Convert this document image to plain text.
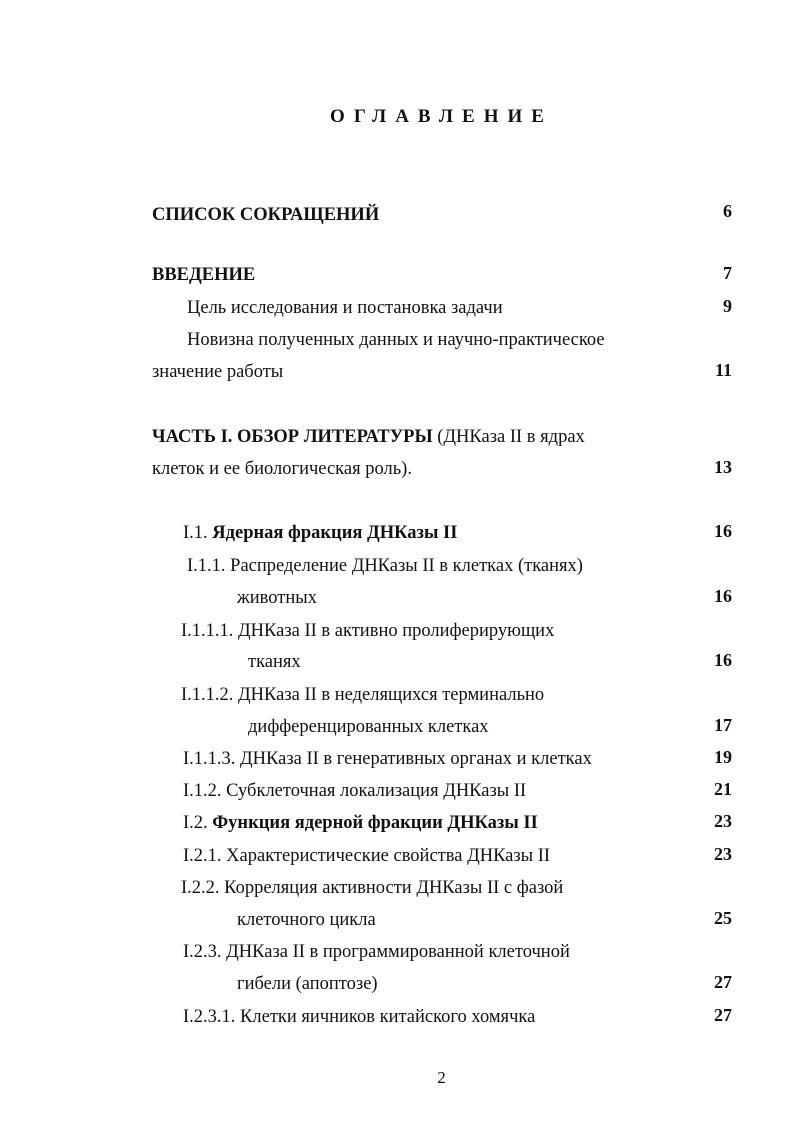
ОГЛАВЛЕНИЕ
СПИСОК СОКРАЩЕНИЙ	6
ВВЕДЕНИЕ	7
Цель исследования и постановка задачи	9
Новизна полученных данных и научно-практическое
значение работы	11
ЧАСТЬ I. ОБЗОР ЛИТЕРАТУРЫ (ДНКаза II в ядрах
клеток и ее биологическая роль).	13
I.1. Ядерная фракция ДНКазы II	16
I.1.1. Распределение ДНКазы II в клетках (тканях)
животных	16
I.1.1.1. ДНКаза II в активно пролиферирующих
тканях	16
I.1.1.2. ДНКаза II в неделящихся терминально
дифференцированных клетках	17
I.1.1.3. ДНКаза II в генеративных органах и клетках	19
I.1.2. Субклеточная локализация ДНКазы II	21
I.2. Функция ядерной фракции ДНКазы II	23
I.2.1. Характеристические свойства ДНКазы II	23
I.2.2. Корреляция активности ДНКазы II с фазой
клеточного цикла	25
I.2.3. ДНКаза II в программированной клеточной
гибели (апоптозе)	27
I.2.3.1. Клетки яичников китайского хомячка	27
2
